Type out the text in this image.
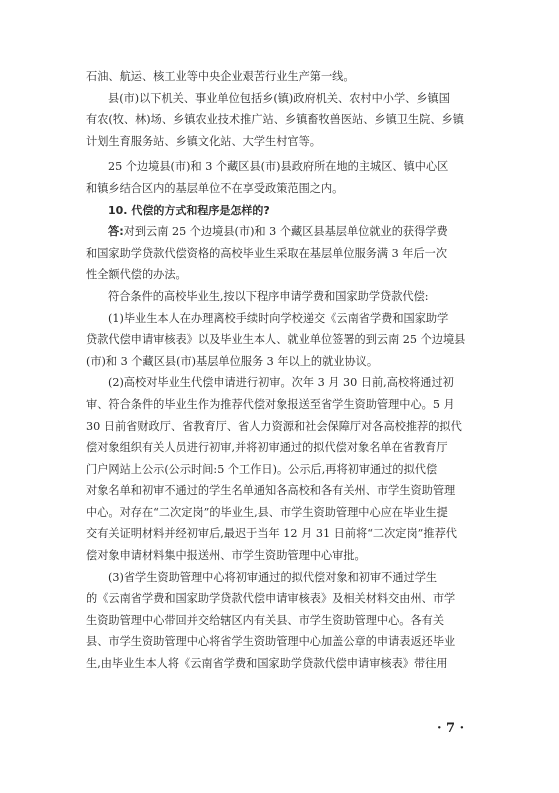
石油、航运、核工业等中央企业艰苦行业生产第一线。
县(市)以下机关、事业单位包括乡(镇)政府机关、农村中小学、乡镇国
有农(牧、林)场、乡镇农业技术推广站、乡镇畜牧兽医站、乡镇卫生院、乡镇
计划生育服务站、乡镇文化站、大学生村官等。
25 个边境县(市)和 3 个藏区县(市)县政府所在地的主城区、镇中心区
和镇乡结合区内的基层单位不在享受政策范围之内。
10. 代偿的方式和程序是怎样的?
答:对到云南 25 个边境县(市)和 3 个藏区县基层单位就业的获得学费
和国家助学贷款代偿资格的高校毕业生采取在基层单位服务满 3 年后一次
性全额代偿的办法。
符合条件的高校毕业生,按以下程序申请学费和国家助学贷款代偿:
(1)毕业生本人在办理离校手续时向学校递交《云南省学费和国家助学
贷款代偿申请审核表》以及毕业生本人、就业单位签署的到云南 25 个边境县
(市)和 3 个藏区县(市)基层单位服务 3 年以上的就业协议。
(2)高校对毕业生代偿申请进行初审。次年 3 月 30 日前,高校将通过初
审、符合条件的毕业生作为推荐代偿对象报送至省学生资助管理中心。5 月
30 日前省财政厅、省教育厅、省人力资源和社会保障厅对各高校推荐的拟代
偿对象组织有关人员进行初审,并将初审通过的拟代偿对象名单在省教育厅
门户网站上公示(公示时间:5 个工作日)。公示后,再将初审通过的拟代偿
对象名单和初审不通过的学生名单通知各高校和各有关州、市学生资助管理
中心。对存在“二次定岗”的毕业生,县、市学生资助管理中心应在毕业生提
交有关证明材料并经初审后,最迟于当年 12 月 31 日前将“二次定岗”推荐代
偿对象申请材料集中报送州、市学生资助管理中心审批。
(3)省学生资助管理中心将初审通过的拟代偿对象和初审不通过学生
的《云南省学费和国家助学贷款代偿申请审核表》及相关材料交由州、市学
生资助管理中心带回并交给辖区内有关县、市学生资助管理中心。各有关
县、市学生资助管理中心将省学生资助管理中心加盖公章的申请表返还毕业
生,由毕业生本人将《云南省学费和国家助学贷款代偿申请审核表》带往用
· 7 ·
